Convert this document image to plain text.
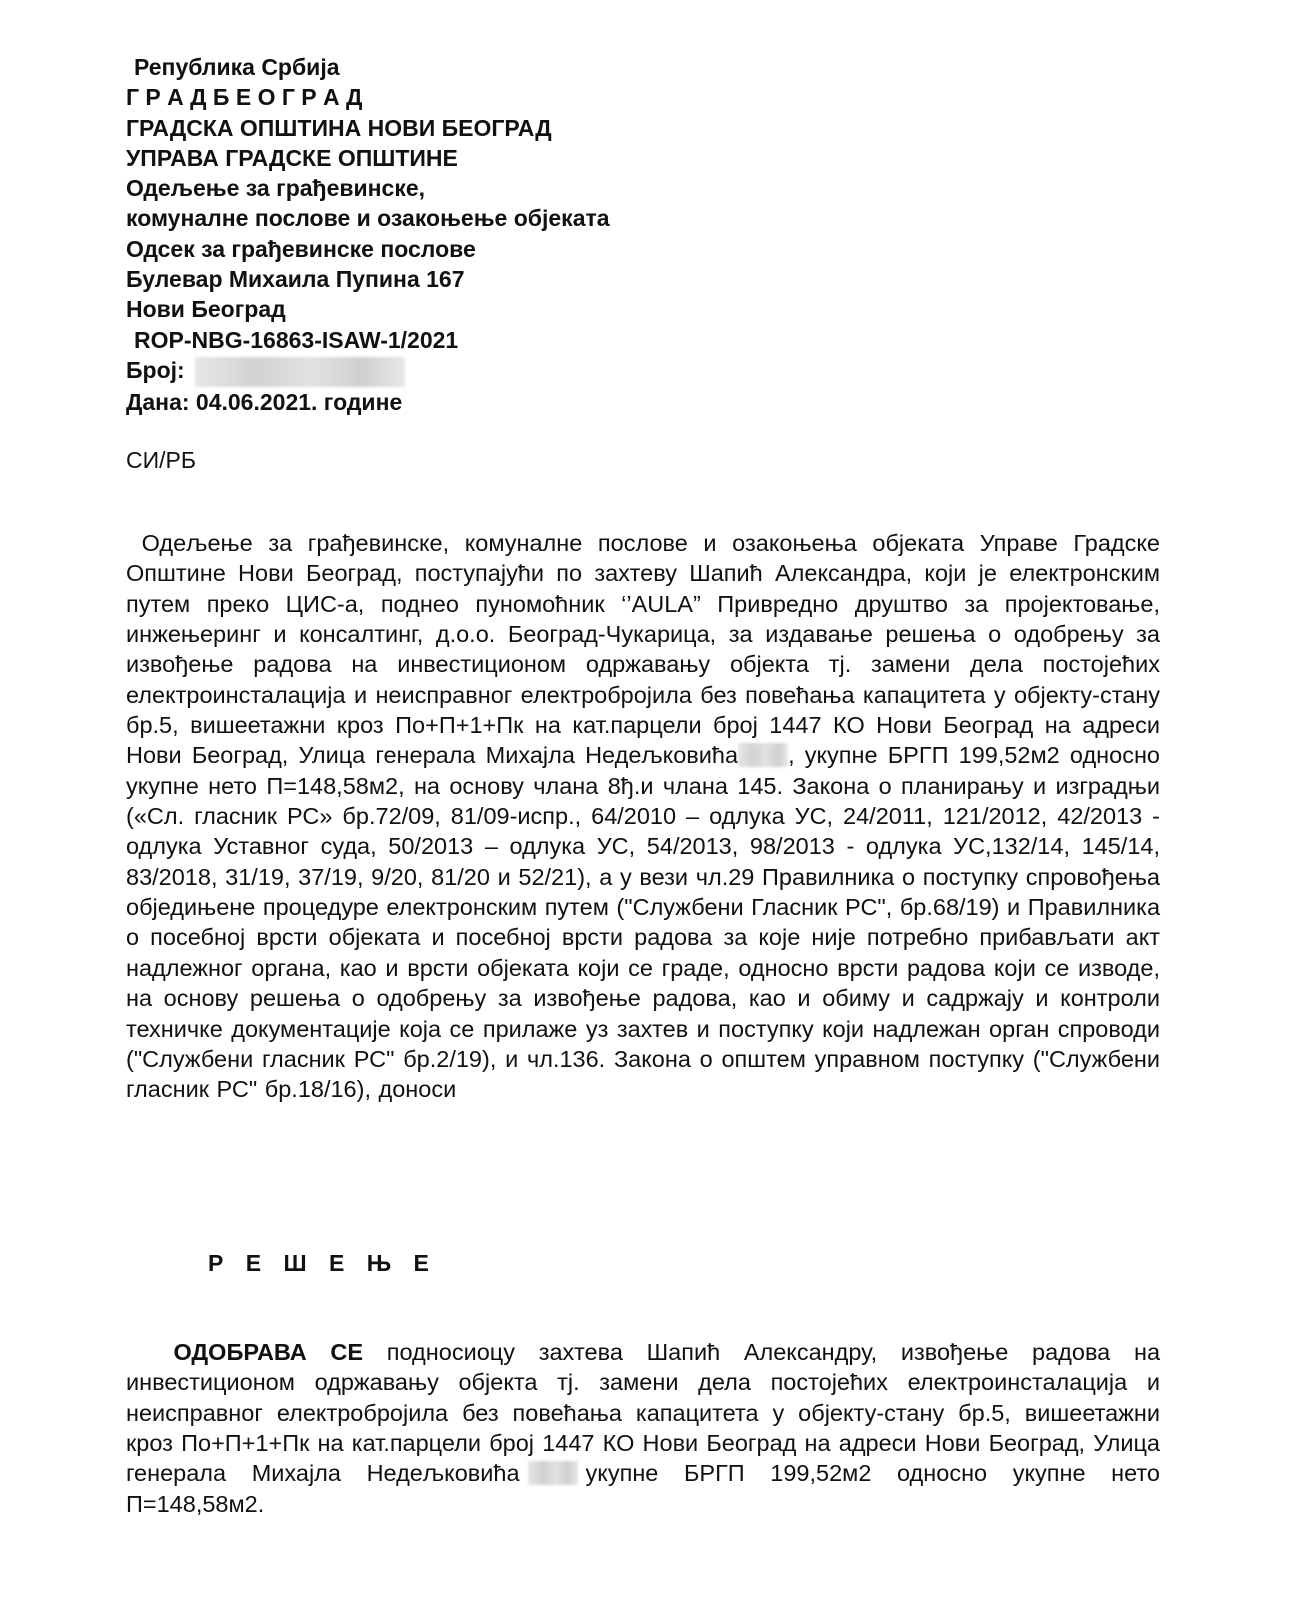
Република Србија
Г Р А Д Б Е О Г Р А Д
ГРАДСКА ОПШТИНА НОВИ БЕОГРАД
УПРАВА ГРАДСКЕ ОПШТИНЕ
Одељење за грађевинске,
комуналне послове и озакоњење објеката
Одсек за грађевинске послове
Булевар Михаила Пупина 167
Нови Београд
ROP-NBG-16863-ISAW-1/2021
Број:
Дана: 04.06.2021. године
СИ/РБ
Одељење за грађевинске, комуналне послове и озакоњења објеката Управе Градске Општине Нови Београд, поступајући по захтеву Шапић Александра, који је електронским путем преко ЦИС-а, поднео пуномоћник ‘’AULA” Привредно друштво за пројектовање, инжењеринг и консалтинг, д.о.о. Београд-Чукарица, за издавање решења о одобрењу за извођење радова на инвестиционом одржавању објекта тј. замени дела постојећих електроинсталација и неисправног електробројила без повећања капацитета у објекту-стану бр.5, вишеетажни кроз По+П+1+Пк на кат.парцели број 1447 КО Нови Београд на адреси Нови Београд, Улица генерала Михајла Недељковића , укупне БРГП 199,52м2 односно укупне нето П=148,58м2, на основу члана 8ђ.и члана 145. Закона о планирању и изградњи («Сл. гласник РС» бр.72/09, 81/09-испр., 64/2010 – одлука УС, 24/2011, 121/2012, 42/2013 - одлука Уставног суда, 50/2013 – одлука УС, 54/2013, 98/2013 - одлука УС,132/14, 145/14, 83/2018, 31/19, 37/19, 9/20, 81/20 и 52/21), а у вези чл.29 Правилника о поступку спровођења обједињене процедуре електронским путем ("Службени Гласник РС", бр.68/19) и Правилника о посебној врсти објеката и посебној врсти радова за које није потребно прибављати акт надлежног органа, као и врсти објеката који се граде, односно врсти радова који се изводе, на основу решења о одобрењу за извођење радова, као и обиму и садржају и контроли техничке документације која се прилаже уз захтев и поступку који надлежан орган спроводи ("Службени гласник РС" бр.2/19), и чл.136. Закона о општем управном поступку ("Службени гласник РС" бр.18/16), доноси
Р Е Ш Е Њ Е
ОДОБРАВА СЕ подносиоцу захтева Шапић Александру, извођење радова на инвестиционом одржавању објекта тј. замени дела постојећих електроинсталација и неисправног електробројила без повећања капацитета у објекту-стану бр.5, вишеетажни кроз По+П+1+Пк на кат.парцели број 1447 КО Нови Београд на адреси Нови Београд, Улица генерала Михајла Недељковића	укупне БРГП 199,52м2 односно укупне нето П=148,58м2.
